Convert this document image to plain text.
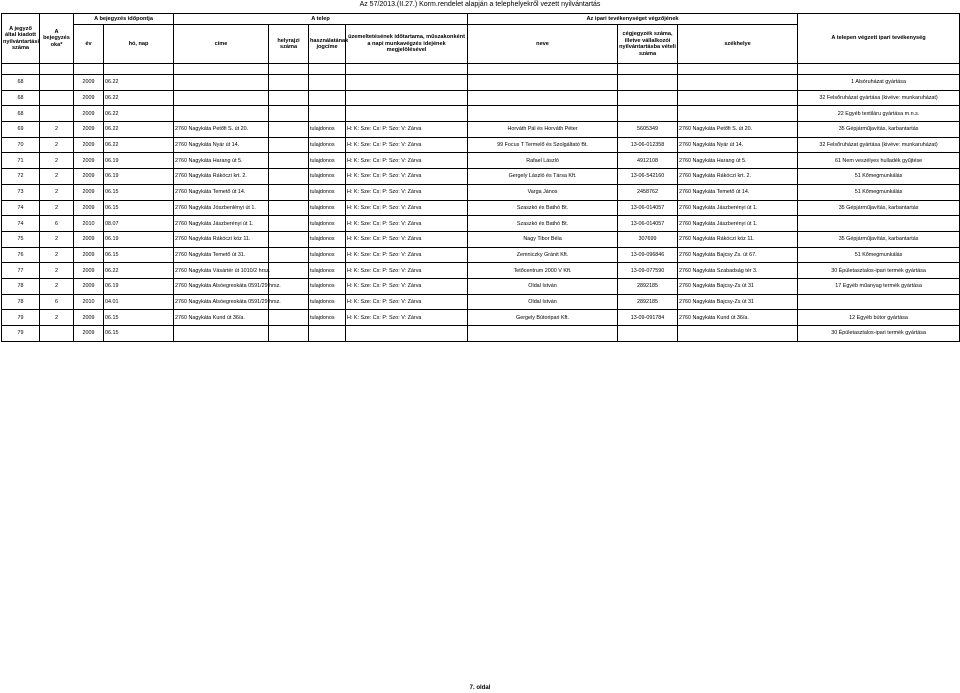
Az 57/2013.(II.27.) Korm.rendelet alapján a telephelyekről vezett nyilvántartás
A jegyző által kiadott nyilvántartási száma	A bejegyzés oka*	A bejegyzés időpontja		A telep				Az ipari tevékenységet végzőjének			A telepen végzett ipari tevékenység
		év	hó, nap	címe	helyrajzi száma	használatának jogcíme	üzemeltetésének időtartama, műszakonként a napi munkavégzés idejének megjelölésével	neve	cégjegyzék száma, illetve vállalkozói nyilvántartásba vételi száma	székhelye	

68		2009	06.22								1 Alsóruházat gyártása
68		2009	06.22								32 Felsőruházat gyártása (kivéve: munkaruházat)
68		2009	06.22								22 Egyéb textiláru gyártása m.n.s.
69	2	2009	06.22	2760 Nagykáta Petőfi S. út 20.		tulajdonos	H: K: Sze: Cs: P: Szo: V: Zárva	Horváth Pál és Horváth Péter	5605349	2760 Nagykáta Petőfi S. út 20.	35 Gépjárműjavítás, karbantartás
70	2	2009	06.22	2760 Nagykáta Nyár út 14.		tulajdonos	H: K: Sze: Cs: P: Szo: V: Zárva	99 Focus T Termelő és Szolgáltató Bt.	13-06-012358	2760 Nagykáta Nyár út 14.	32 Felsőruházat gyártása (kivéve: munkaruházat)
71	2	2009	06.19	2760 Nagykáta Harang út 5.		tulajdonos	H: K: Sze: Cs: P: Szo: V: Zárva	Rafael László	4912108	2760 Nagykáta Harang út 5.	61 Nem veszélyes hulladék gyűjtése
72	2	2009	06.19	2760 Nagykáta Rákóczi krt. 2.		tulajdonos	H: K: Sze: Cs: P: Szo: V: Zárva	Gergely László és Társa Kft.	13-06-542160	2760 Nagykáta Rákóczi krt. 2.	51 Kőmegmunkálás
73	2	2009	06.15	2760 Nagykáta Temető út 14.		tulajdonos	H: K: Sze: Cs: P: Szo: V: Zárva	Varga János	2458762	2760 Nagykáta Temető út 14.	51 Kőmegmunkálás
74	2	2009	06.15	2760 Nagykáta Jószbenlényi út 1.		tulajdonos	H: K: Sze: Cs: P: Szo: V: Zárva	Szaszkó és Bathó Bt.	13-06-014057	2760 Nagykáta Jászberényi út 1.	35 Gépjárműjavítás, karbantartás
74	6	2010	08.07	2760 Nagykáta Jászberényi út 1.		tulajdonos	H: K: Sze: Cs: P: Szo: V: Zárva	Szaszkó és Bathó Bt.	13-06-014057	2760 Nagykáta Jászberényi út 1.	
75	2	2009	06.19	2760 Nagykáta Rákóczi köz 11.		tulajdonos	H: K: Sze: Cs: P: Szo: V: Zárva	Nagy Tibor Béla	307699	2760 Nagykáta Rákóczi köz 11.	35 Gépjárműjavítás, karbantartás
76	2	2009	06.15	2760 Nagykáta Temető út 31.		tulajdonos	H: K: Sze: Cs: P: Szo: V: Zárva	Zemniczky Gránit Kft.	13-09-096846	2760 Nagykáta Bajcsy Zs. út 67.	51 Kőmegmunkálás
77	2	2009	06.22	2760 Nagykáta Vásártér út 1010/2 hrsz.		tulajdonos	H: K: Sze: Cs: P: Szo: V: Zárva	Tetőcentrum 2000 V Kft.	13-09-077590	2760 Nagykáta Szabadság tér 3.	30 Épületasztalos-ipari termék gyártása
78	2	2009	06.19	2760 Nagykáta Alsóegreskáta 0591/29 hrsz.		tulajdonos	H: K: Sze: Cs: P: Szo: V: Zárva	Oldal István	2892185	2760 Nagykáta Bajcsy-Zs út 31	17 Egyéb műanyag termék gyártása
78	6	2010	04.01	2760 Nagykáta Alsóegreskáta 0591/29 hrsz.		tulajdonos	H: K: Sze: Cs: P: Szo: V: Zárva	Oldal István	2892185	2760 Nagykáta Bajcsy-Zs út 31	
79	2	2009	06.15	2760 Nagykáta Kund út 36/a.		tulajdonos	H: K: Sze: Cs: P: Szo: V: Zárva	Gergely Bútoripari Kft.	13-09-091784	2760 Nagykáta Kund út 36/a.	12 Egyéb bútor gyártása
79		2009	06.15								30 Épületasztalos-ipari termék gyártása
7. oldal
